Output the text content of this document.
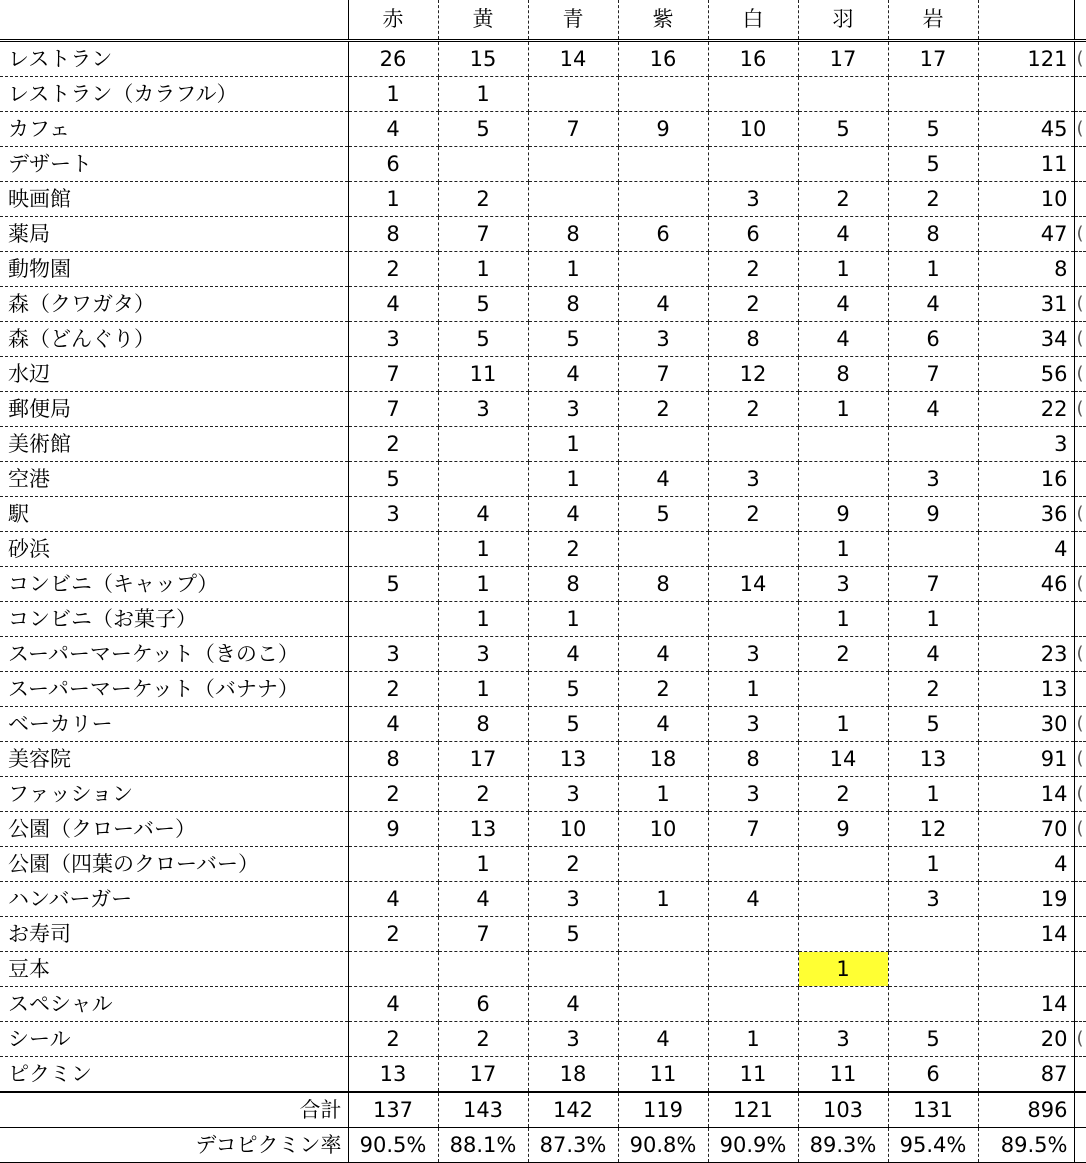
	赤	黄	青	紫	白	羽	岩		
レストラン	26	15	14	16	16	17	17	121	(
レストラン（カラフル）	1	1							
カフェ	4	5	7	9	10	5	5	45	(
デザート	6						5	11	
映画館	1	2			3	2	2	10	
薬局	8	7	8	6	6	4	8	47	(
動物園	2	1	1		2	1	1	8	
森（クワガタ）	4	5	8	4	2	4	4	31	(
森（どんぐり）	3	5	5	3	8	4	6	34	(
水辺	7	11	4	7	12	8	7	56	(
郵便局	7	3	3	2	2	1	4	22	(
美術館	2		1					3	
空港	5		1	4	3		3	16	
駅	3	4	4	5	2	9	9	36	(
砂浜		1	2			1		4	
コンビニ（キャップ）	5	1	8	8	14	3	7	46	(
コンビニ（お菓子）		1	1			1	1		
スーパーマーケット（きのこ）	3	3	4	4	3	2	4	23	(
スーパーマーケット（バナナ）	2	1	5	2	1		2	13	
ベーカリー	4	8	5	4	3	1	5	30	(
美容院	8	17	13	18	8	14	13	91	(
ファッション	2	2	3	1	3	2	1	14	(
公園（クローバー）	9	13	10	10	7	9	12	70	(
公園（四葉のクローバー）		1	2				1	4	
ハンバーガー	4	4	3	1	4		3	19	
お寿司	2	7	5					14	
豆本						1			
スペシャル	4	6	4					14	
シール	2	2	3	4	1	3	5	20	(
ピクミン	13	17	18	11	11	11	6	87	
合計	137	143	142	119	121	103	131	896	
デコピクミン率	90.5%	88.1%	87.3%	90.8%	90.9%	89.3%	95.4%	89.5%	
